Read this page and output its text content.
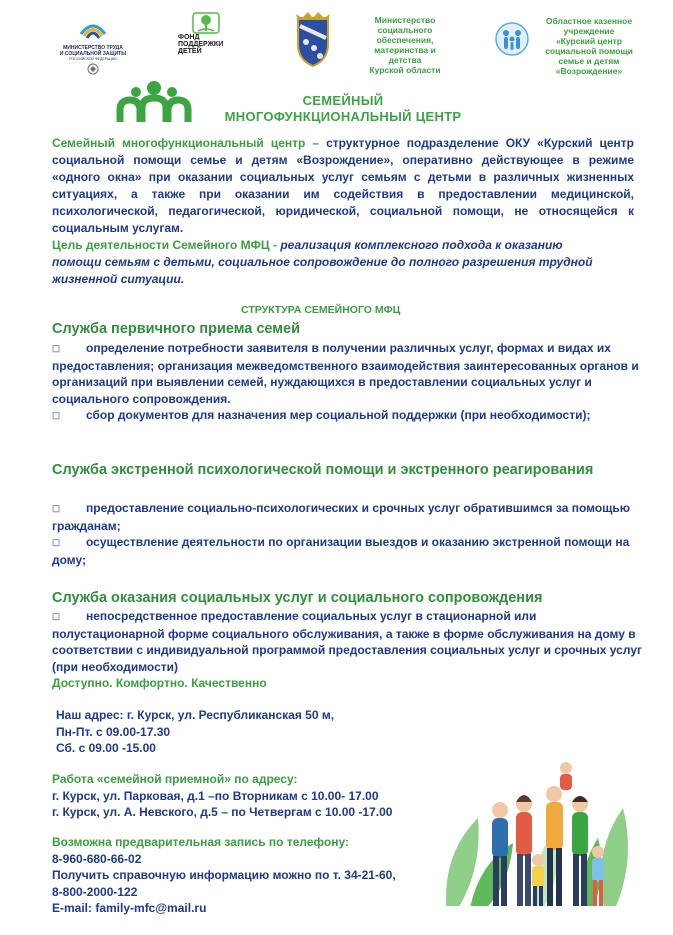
МИНИСТЕРСТВО ТРУДА
И СОЦИАЛЬНОЙ ЗАЩИТЫ
РОССИЙСКОЙ ФЕДЕРАЦИИ
ФОНД
ПОДДЕРЖКИ
ДЕТЕЙ
Министерство
социального
обеспечения,
материнства и
детства
Курской области
Областное казенное
учреждение
«Курский центр
социальной помощи
семье и детям
«Возрождение»
СЕМЕЙНЫЙ
МНОГОФУНКЦИОНАЛЬНЫЙ ЦЕНТР
Семейный многофункциональный центр – структурное подразделение ОКУ «Курский центр социальной помощи семье и детям «Возрождение», оперативно действующее в режиме «одного окна» при оказании социальных услуг семьям с детьми в различных жизненных ситуациях, а также при оказании им содействия в предоставлении медицинской, психологической, педагогической, юридической, социальной помощи, не относящейся к социальным услугам.
Цель деятельности Семейного МФЦ - реализация комплексного подхода к оказанию помощи семьям с детьми, социальное сопровождение до полного разрешения трудной жизненной ситуации.
СТРУКТУРА СЕМЕЙНОГО МФЦ
Служба первичного приема семей
☐ определение потребности заявителя в получении различных услуг, формах и видах их предоставления; организация межведомственного взаимодействия заинтересованных органов и организаций при выявлении семей, нуждающихся в предоставлении социальных услуг и социального сопровождения.
☐ сбор документов для назначения мер социальной поддержки (при необходимости);
Служба экстренной психологической помощи и экстренного реагирования
☐ предоставление социально-психологических и срочных услуг обратившимся за помощью гражданам;
☐ осуществление деятельности по организации выездов и оказанию экстренной помощи на дому;
Служба оказания социальных услуг и социального сопровождения
☐ непосредственное предоставление социальных услуг в стационарной или полустационарной форме социального обслуживания, а также в форме обслуживания на дому в соответствии с индивидуальной программой предоставления социальных услуг и срочных услуг (при необходимости)
Доступно. Комфортно. Качественно
Наш адрес: г. Курск, ул. Республиканская 50 м,
Пн-Пт. с 09.00-17.30
Сб. с 09.00 -15.00
Работа «семейной приемной» по адресу:
г. Курск, ул. Парковая, д.1 –по Вторникам с 10.00- 17.00
г. Курск, ул. А. Невского, д.5 – по Четвергам с 10.00 -17.00
Возможна предварительная запись по телефону:
8-960-680-66-02
Получить справочную информацию можно по т. 34-21-60,
8-800-2000-122
E-mail: family-mfc@mail.ru
